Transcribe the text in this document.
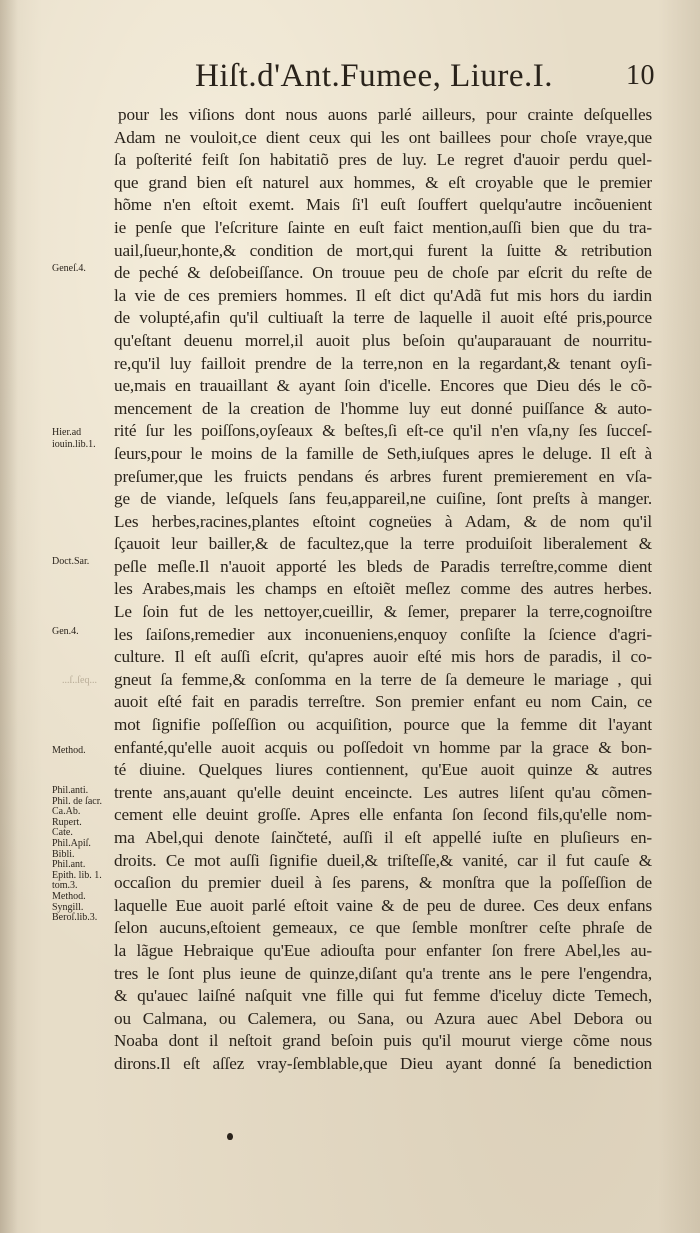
Hiſt.d'Ant.Fumee, Liure.I.	10
Geneſ.4.
Hier.ad
iouin.lib.1.
Doct.Sar.
Gen.4.
...ſ..ſeq...
Method.
Phil.anti.
Phil. de ſacr.
Ca.Ab.
Rupert.
Cate.
Phil.Apiſ.
Bibli.
Phil.ant.
Epith. lib. 1.
tom.3.
Method.
Syngill.
Beroſ.lib.3.
pour les viſions dont nous auons parlé ailleurs, pour crainte deſquelles
Adam ne vouloit,ce dient ceux qui les ont baillees pour choſe vraye,que
ſa poſterité feiſt ſon habitatiõ pres de luy. Le regret d'auoir perdu quel-
que grand bien eſt naturel aux hommes, & eſt croyable que le premier
hõme n'en eſtoit exemt. Mais ſi'l euſt ſouffert quelqu'autre incõuenient
ie penſe que l'eſcriture ſainte en euſt faict mention,auſſi bien que du tra-
uail,ſueur,honte,& condition de mort,qui furent la ſuitte & retribution
de peché & deſobeiſſance. On trouue peu de choſe par eſcrit du reſte de
la vie de ces premiers hommes. Il eſt dict qu'Adã fut mis hors du iardin
de volupté,afin qu'il cultiuaſt la terre de laquelle il auoit eſté pris,pource
qu'eſtant deuenu morrel,il auoit plus beſoin qu'auparauant de nourritu-
re,qu'il luy failloit prendre de la terre,non en la regardant,& tenant oyſi-
ue,mais en trauaillant & ayant ſoin d'icelle. Encores que Dieu dés le cõ-
mencement de la creation de l'homme luy eut donné puiſſance & auto-
rité ſur les poiſſons,oyſeaux & beſtes,ſi eſt-ce qu'il n'en vſa,ny ſes ſucceſ-
ſeurs,pour le moins de la famille de Seth,iuſques apres le deluge. Il eſt à
preſumer,que les fruicts pendans és arbres furent premierement en vſa-
ge de viande, leſquels ſans feu,appareil,ne cuiſine, ſont preſts à manger.
Les herbes,racines,plantes eſtoint cogneües à Adam, & de nom qu'il
ſçauoit leur bailler,& de facultez,que la terre produiſoit liberalement &
peſle meſle.Il n'auoit apporté les bleds de Paradis terreſtre,comme dient
les Arabes,mais les champs en eſtoiẽt meſlez comme des autres herbes.
Le ſoin fut de les nettoyer,cueillir, & ſemer, preparer la terre,cognoiſtre
les ſaiſons,remedier aux inconueniens,enquoy conſiſte la ſcience d'agri-
culture. Il eſt auſſi eſcrit, qu'apres auoir eſté mis hors de paradis, il co-
gneut ſa femme,& conſomma en la terre de ſa demeure le mariage , qui
auoit eſté fait en paradis terreſtre. Son premier enfant eu nom Cain, ce
mot ſignifie poſſeſſion ou acquiſition, pource que la femme dit l'ayant
enfanté,qu'elle auoit acquis ou poſſedoit vn homme par la grace & bon-
té diuine. Quelques liures contiennent, qu'Eue auoit quinze & autres
trente ans,auant qu'elle deuint enceincte. Les autres liſent qu'au cõmen-
cement elle deuint groſſe. Apres elle enfanta ſon ſecond fils,qu'elle nom-
ma Abel,qui denote ſainčteté, auſſi il eſt appellé iuſte en pluſieurs en-
droits. Ce mot auſſi ſignifie dueil,& triſteſſe,& vanité, car il fut cauſe &
occaſion du premier dueil à ſes parens, & monſtra que la poſſeſſion de
laquelle Eue auoit parlé eſtoit vaine & de peu de duree. Ces deux enfans
ſelon aucuns,eſtoient gemeaux, ce que ſemble monſtrer ceſte phraſe de
la lãgue Hebraique qu'Eue adiouſta pour enfanter ſon frere Abel,les au-
tres le ſont plus ieune de quinze,diſant qu'a trente ans le pere l'engendra,
& qu'auec laiſné naſquit vne fille qui fut femme d'iceluy dicte Temech,
ou Calmana, ou Calemera, ou Sana, ou Azura auec Abel Debora ou
Noaba dont il neſtoit grand beſoin puis qu'il mourut vierge cõme nous
dirons.Il eſt aſſez vray-ſemblable,que Dieu ayant donné ſa benediction
